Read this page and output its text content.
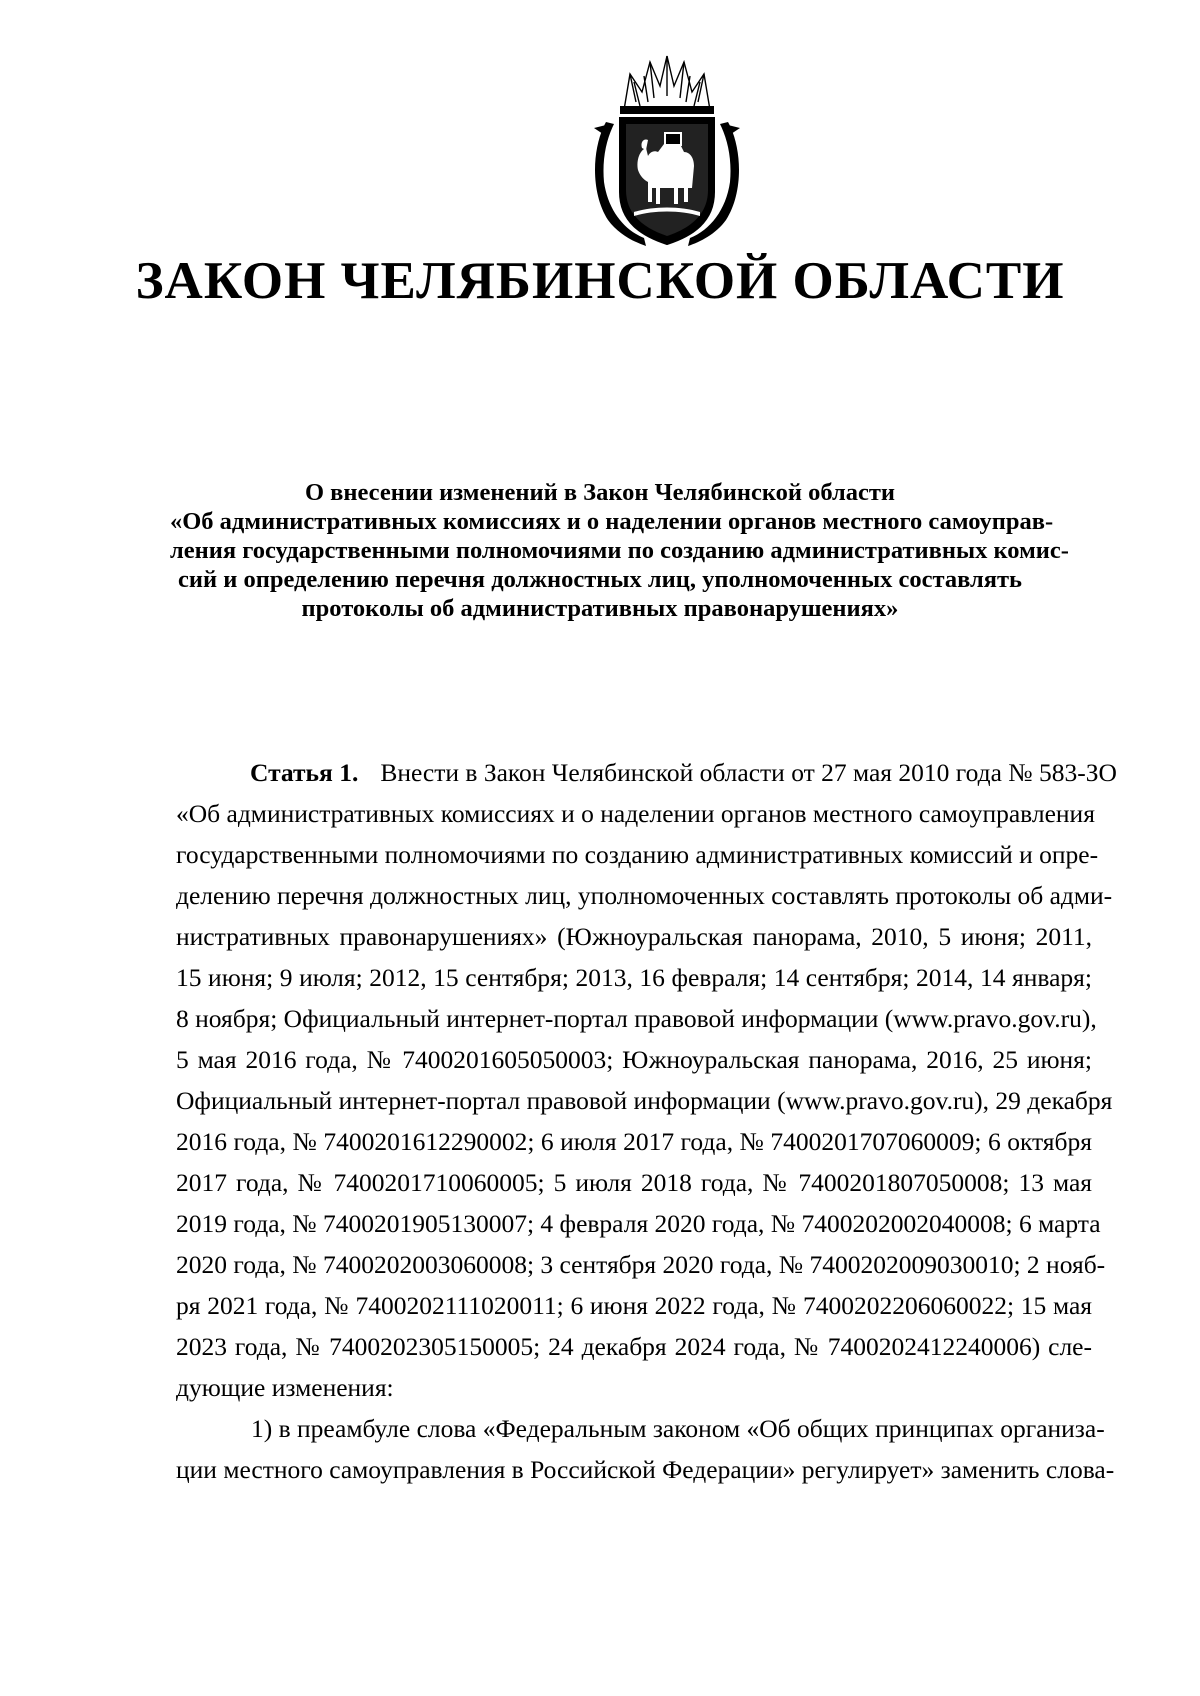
ЗАКОН ЧЕЛЯБИНСКОЙ ОБЛАСТИ
О внесении изменений в Закон Челябинской области
«Об административных комиссиях и о наделении органов местного самоуправ-
ления государственными полномочиями по созданию административных комис-
сий и определению перечня должностных лиц, уполномоченных составлять
протоколы об административных правонарушениях»
Статья 1. Внести в Закон Челябинской области от 27 мая 2010 года № 583-ЗО
«Об административных комиссиях и о наделении органов местного самоуправления
государственными полномочиями по созданию административных комиссий и опре-
делению перечня должностных лиц, уполномоченных составлять протоколы об адми-
нистративных правонарушениях» (Южноуральская панорама, 2010, 5 июня; 2011,
15 июня; 9 июля; 2012, 15 сентября; 2013, 16 февраля; 14 сентября; 2014, 14 января;
8 ноября; Официальный интернет-портал правовой информации (www.pravo.gov.ru),
5 мая 2016 года, № 7400201605050003; Южноуральская панорама, 2016, 25 июня;
Официальный интернет-портал правовой информации (www.pravo.gov.ru), 29 декабря
2016 года, № 7400201612290002; 6 июля 2017 года, № 7400201707060009; 6 октября
2017 года, № 7400201710060005; 5 июля 2018 года, № 7400201807050008; 13 мая
2019 года, № 7400201905130007; 4 февраля 2020 года, № 7400202002040008; 6 марта
2020 года, № 7400202003060008; 3 сентября 2020 года, № 7400202009030010; 2 нояб-
ря 2021 года, № 7400202111020011; 6 июня 2022 года, № 7400202206060022; 15 мая
2023 года, № 7400202305150005; 24 декабря 2024 года, № 7400202412240006) сле-
дующие изменения:
1) в преамбуле слова «Федеральным законом «Об общих принципах организа-
ции местного самоуправления в Российской Федерации» регулирует» заменить слова-
